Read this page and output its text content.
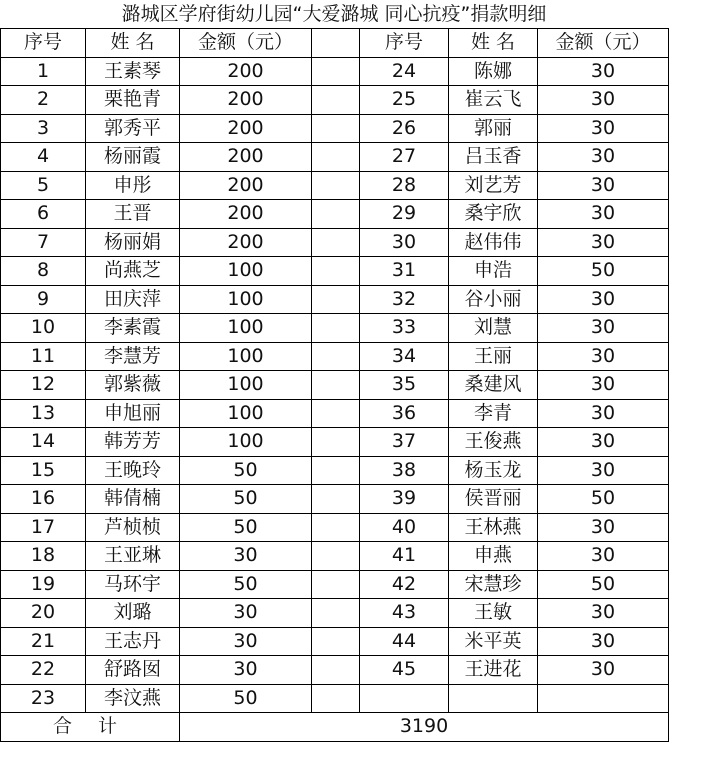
潞城区学府街幼儿园“大爱潞城 同心抗疫”捐款明细
序号	姓 名	金额（元）		序号	姓 名	金额（元）
1	王素琴	200		24	陈娜	30
2	栗艳青	200		25	崔云飞	30
3	郭秀平	200		26	郭丽	30
4	杨丽霞	200		27	吕玉香	30
5	申彤	200		28	刘艺芳	30
6	王晋	200		29	桑宇欣	30
7	杨丽娟	200		30	赵伟伟	30
8	尚燕芝	100		31	申浩	50
9	田庆萍	100		32	谷小丽	30
10	李素霞	100		33	刘慧	30
11	李慧芳	100		34	王丽	30
12	郭紫薇	100		35	桑建风	30
13	申旭丽	100		36	李青	30
14	韩芳芳	100		37	王俊燕	30
15	王晚玲	50		38	杨玉龙	30
16	韩倩楠	50		39	侯晋丽	50
17	芦桢桢	50		40	王林燕	30
18	王亚琳	30		41	申燕	30
19	马环宇	50		42	宋慧珍	50
20	刘璐	30		43	王敏	30
21	王志丹	30		44	米平英	30
22	舒路囡	30		45	王进花	30
23	李汶燕	50				
合 计		3190				
